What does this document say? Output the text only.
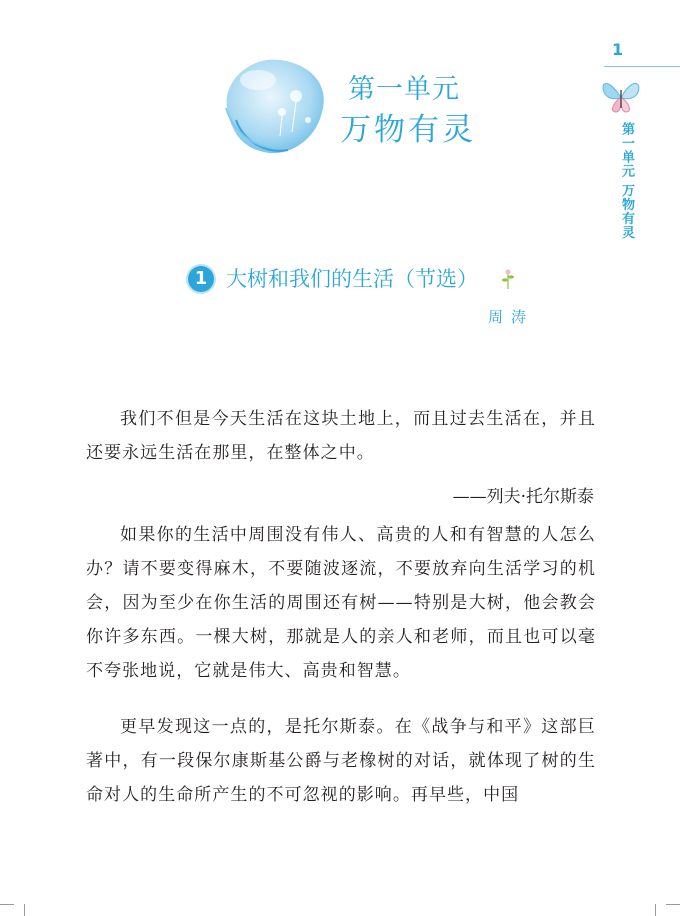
第一单元
万物有灵
1
第一单元 万物有灵
1 大树和我们的生活（节选）
周涛
我们不但是今天生活在这块土地上，而且过去生活在，并且还要永远生活在那里，在整体之中。
——列夫·托尔斯泰
如果你的生活中周围没有伟人、高贵的人和有智慧的人怎么办？请不要变得麻木，不要随波逐流，不要放弃向生活学习的机会，因为至少在你生活的周围还有树——特别是大树，他会教会你许多东西。一棵大树，那就是人的亲人和老师，而且也可以毫不夸张地说，它就是伟大、高贵和智慧。
更早发现这一点的，是托尔斯泰。在《战争与和平》这部巨著中，有一段保尔康斯基公爵与老橡树的对话，就体现了树的生命对人的生命所产生的不可忽视的影响。再早些，中国
